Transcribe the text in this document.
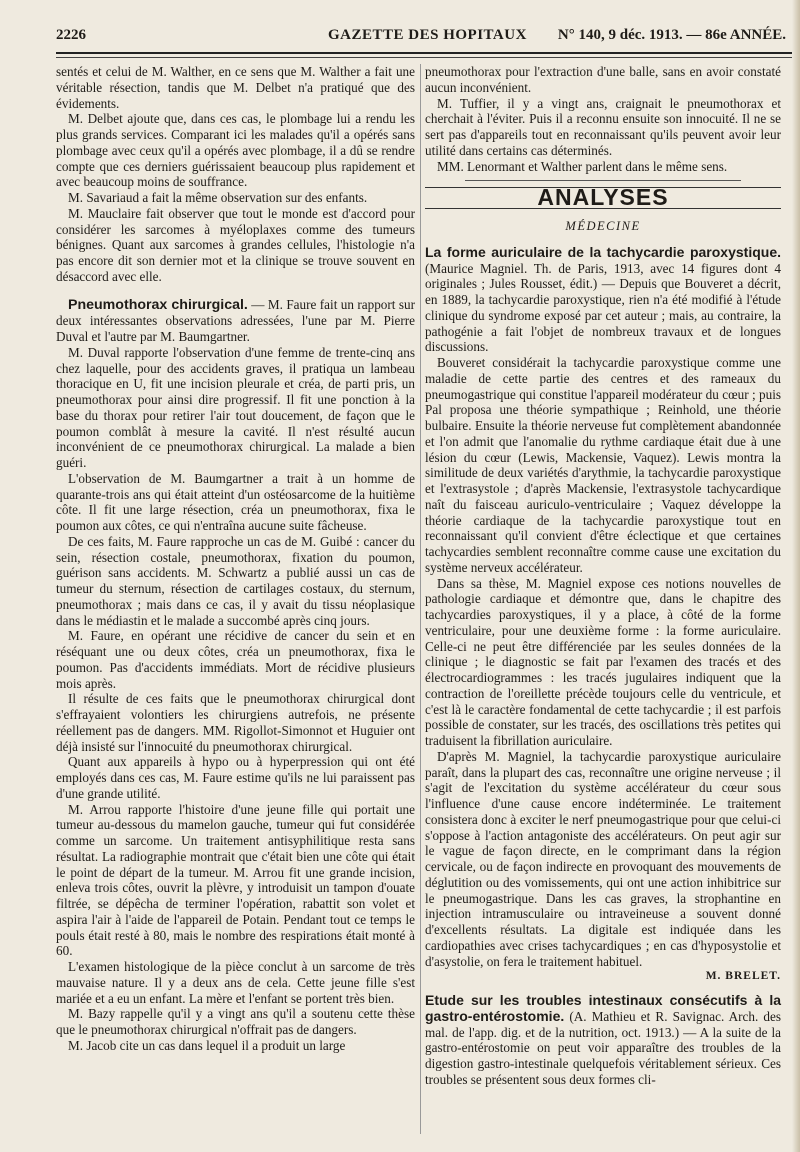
2226	GAZETTE DES HOPITAUX N° 140, 9 déc. 1913. — 86e ANNÉE.

sentés et celui de M. Walther, en ce sens que M. Walther a fait une véritable résection, tandis que M. Delbet n'a pratiqué que des évidements.

M. Delbet ajoute que, dans ces cas, le plombage lui a rendu les plus grands services. Comparant ici les malades qu'il a opérés sans plombage avec ceux qu'il a opérés avec plombage, il a dû se rendre compte que ces derniers guérissaient beaucoup plus rapidement et avec beaucoup moins de souffrance.

M. Savariaud a fait la même observation sur des enfants.

M. Mauclaire fait observer que tout le monde est d'accord pour considérer les sarcomes à myéloplaxes comme des tumeurs bénignes. Quant aux sarcomes à grandes cellules, l'histologie n'a pas encore dit son dernier mot et la clinique se trouve souvent en désaccord avec elle.

Pneumothorax chirurgical. — M. Faure fait un rapport sur deux intéressantes observations adressées, l'une par M. Pierre Duval et l'autre par M. Baumgartner.

M. Duval rapporte l'observation d'une femme de trente-cinq ans chez laquelle, pour des accidents graves, il pratiqua un lambeau thoracique en U, fit une incision pleurale et créa, de parti pris, un pneumothorax pour ainsi dire progressif. Il fit une ponction à la base du thorax pour retirer l'air tout doucement, de façon que le poumon comblât à mesure la cavité. Il n'est résulté aucun inconvénient de ce pneumothorax chirurgical. La malade a bien guéri.

L'observation de M. Baumgartner a trait à un homme de quarante-trois ans qui était atteint d'un ostéosarcome de la huitième côte. Il fit une large résection, créa un pneumothorax, fixa le poumon aux côtes, ce qui n'entraîna aucune suite fâcheuse.

De ces faits, M. Faure rapproche un cas de M. Guibé : cancer du sein, résection costale, pneumothorax, fixation du poumon, guérison sans accidents. M. Schwartz a publié aussi un cas de tumeur du sternum, résection de cartilages costaux, du sternum, pneumothorax ; mais dans ce cas, il y avait du tissu néoplasique dans le médiastin et le malade a succombé après cinq jours.

M. Faure, en opérant une récidive de cancer du sein et en réséquant une ou deux côtes, créa un pneumothorax, fixa le poumon. Pas d'accidents immédiats. Mort de récidive plusieurs mois après.

Il résulte de ces faits que le pneumothorax chirurgical dont s'effrayaient volontiers les chirurgiens autrefois, ne présente réellement pas de dangers. MM. Rigollot-Simonnot et Huguier ont déjà insisté sur l'innocuité du pneumothorax chirurgical.

Quant aux appareils à hypo ou à hyperpression qui ont été employés dans ces cas, M. Faure estime qu'ils ne lui paraissent pas d'une grande utilité.

M. Arrou rapporte l'histoire d'une jeune fille qui portait une tumeur au-dessous du mamelon gauche, tumeur qui fut considérée comme un sarcome. Un traitement antisyphilitique resta sans résultat. La radiographie montrait que c'était bien une côte qui était le point de départ de la tumeur. M. Arrou fit une grande incision, enleva trois côtes, ouvrit la plèvre, y introduisit un tampon d'ouate filtrée, se dépêcha de terminer l'opération, rabattit son volet et aspira l'air à l'aide de l'appareil de Potain. Pendant tout ce temps le pouls était resté à 80, mais le nombre des respirations était monté à 60.

L'examen histologique de la pièce conclut à un sarcome de très mauvaise nature. Il y a deux ans de cela. Cette jeune fille s'est mariée et a eu un enfant. La mère et l'enfant se portent très bien.

M. Bazy rappelle qu'il y a vingt ans qu'il a soutenu cette thèse que le pneumothorax chirurgical n'offrait pas de dangers.

M. Jacob cite un cas dans lequel il a produit un large

pneumothorax pour l'extraction d'une balle, sans en avoir constaté aucun inconvénient.

M. Tuffier, il y a vingt ans, craignait le pneumothorax et cherchait à l'éviter. Puis il a reconnu ensuite son innocuité. Il ne se sert pas d'appareils tout en reconnaissant qu'ils peuvent avoir leur utilité dans certains cas déterminés.

MM. Lenormant et Walther parlent dans le même sens.

ANALYSES
MÉDECINE

La forme auriculaire de la tachycardie paroxystique. (Maurice Magniel. Th. de Paris, 1913, avec 14 figures dont 4 originales ; Jules Rousset, édit.) — Depuis que Bouveret a décrit, en 1889, la tachycardie paroxystique, rien n'a été modifié à l'étude clinique du syndrome exposé par cet auteur ; mais, au contraire, la pathogénie a fait l'objet de nombreux travaux et de longues discussions.

Bouveret considérait la tachycardie paroxystique comme une maladie de cette partie des centres et des rameaux du pneumogastrique qui constitue l'appareil modérateur du cœur ; puis Pal proposa une théorie sympathique ; Reinhold, une théorie bulbaire. Ensuite la théorie nerveuse fut complètement abandonnée et l'on admit que l'anomalie du rythme cardiaque était due à une lésion du cœur (Lewis, Mackensie, Vaquez). Lewis montra la similitude de deux variétés d'arythmie, la tachycardie paroxystique et l'extrasystole ; d'après Mackensie, l'extrasystole tachycardique naît du faisceau auriculo-ventriculaire ; Vaquez développe la théorie cardiaque de la tachycardie paroxystique tout en reconnaissant qu'il convient d'être éclectique et que certaines tachycardies semblent reconnaître comme cause une excitation du système nerveux accélérateur.

Dans sa thèse, M. Magniel expose ces notions nouvelles de pathologie cardiaque et démontre que, dans le chapitre des tachycardies paroxystiques, il y a place, à côté de la forme ventriculaire, pour une deuxième forme : la forme auriculaire. Celle-ci ne peut être différenciée par les seules données de la clinique ; le diagnostic se fait par l'examen des tracés et des électrocardiogrammes : les tracés jugulaires indiquent que la contraction de l'oreillette précède toujours celle du ventricule, et c'est là le caractère fondamental de cette tachycardie ; il est parfois possible de constater, sur les tracés, des oscillations très petites qui traduisent la fibrillation auriculaire.

D'après M. Magniel, la tachycardie paroxystique auriculaire paraît, dans la plupart des cas, reconnaître une origine nerveuse ; il s'agit de l'excitation du système accélérateur du cœur sous l'influence d'une cause encore indéterminée. Le traitement consistera donc à exciter le nerf pneumogastrique pour que celui-ci s'oppose à l'action antagoniste des accélérateurs. On peut agir sur le vague de façon directe, en le comprimant dans la région cervicale, ou de façon indirecte en provoquant des mouvements de déglutition ou des vomissements, qui ont une action inhibitrice sur le pneumogastrique. Dans les cas graves, la strophantine en injection intramusculaire ou intraveineuse a souvent donné d'excellents résultats. La digitale est indiquée dans les cardiopathies avec crises tachycardiques ; en cas d'hyposystolie et d'asystolie, on fera le traitement habituel.

M. BRELET.

Etude sur les troubles intestinaux consécutifs à la gastro-entérostomie. (A. Mathieu et R. Savignac. Arch. des mal. de l'app. dig. et de la nutrition, oct. 1913.) — A la suite de la gastro-entérostomie on peut voir apparaître des troubles de la digestion gastro-intestinale quelquefois véritablement sérieux. Ces troubles se présentent sous deux formes cli-
